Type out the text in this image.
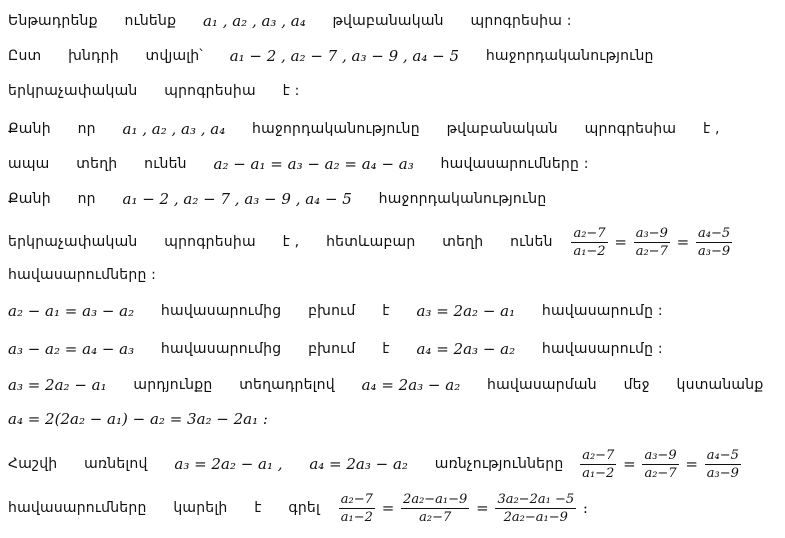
Ենթադրենք ունենք a₁ , a₂ , a₃ , a₄ թվաբանական պրոգրեսիա :
Ըստ խնդրի տվյալի՝ a₁ − 2 , a₂ − 7 , a₃ − 9 , a₄ − 5 հաջորդականությունը
երկրաչափական պրոգրեսիա է :
Քանի որ a₁ , a₂ , a₃ , a₄ հաջորդականությունը թվաբանական պրոգրեսիա է ,
ապա տեղի ունեն a₂ − a₁ = a₃ − a₂ = a₄ − a₃ հավասարումները :
Քանի որ a₁ − 2 , a₂ − 7 , a₃ − 9 , a₄ − 5 հաջորդականությունը
երկրաչափական պրոգրեսիա է , հետևաբար տեղի ունեն $\frac{\text{a₂−7}}{\text{a₁−2}} = \frac{\text{a₃−9}}{\text{a₂−7}} = \frac{\text{a₄−5}}{\text{a₃−9}}$
հավասարումները :
a₂ − a₁ = a₃ − a₂ հավասարումից բխում է a₃ = 2a₂ − a₁ հավասարումը :
a₃ − a₂ = a₄ − a₃ հավասարումից բխում է a₄ = 2a₃ − a₂ հավասարումը :
a₃ = 2a₂ − a₁ արդյունքը տեղադրելով a₄ = 2a₃ − a₂ հավասարման մեջ կստանանք
a₄ = 2(2a₂ − a₁) − a₂ = 3a₂ − 2a₁ :
Հաշվի առնելով a₃ = 2a₂ − a₁ , a₄ = 2a₃ − a₂ առնչությունները $\frac{\text{a₂−7}}{\text{a₁−2}} = \frac{\text{a₃−9}}{\text{a₂−7}} = \frac{\text{a₄−5}}{\text{a₃−9}}$
հավասարումները կարելի է գրել $\frac{\text{a₂−7}}{\text{a₁−2}} = \frac{\text{2a₂−a₁−9}}{\text{a₂−7}} = \frac{\text{3a₂−2a₁ −5}}{\text{2a₂−a₁−9}}$ :
